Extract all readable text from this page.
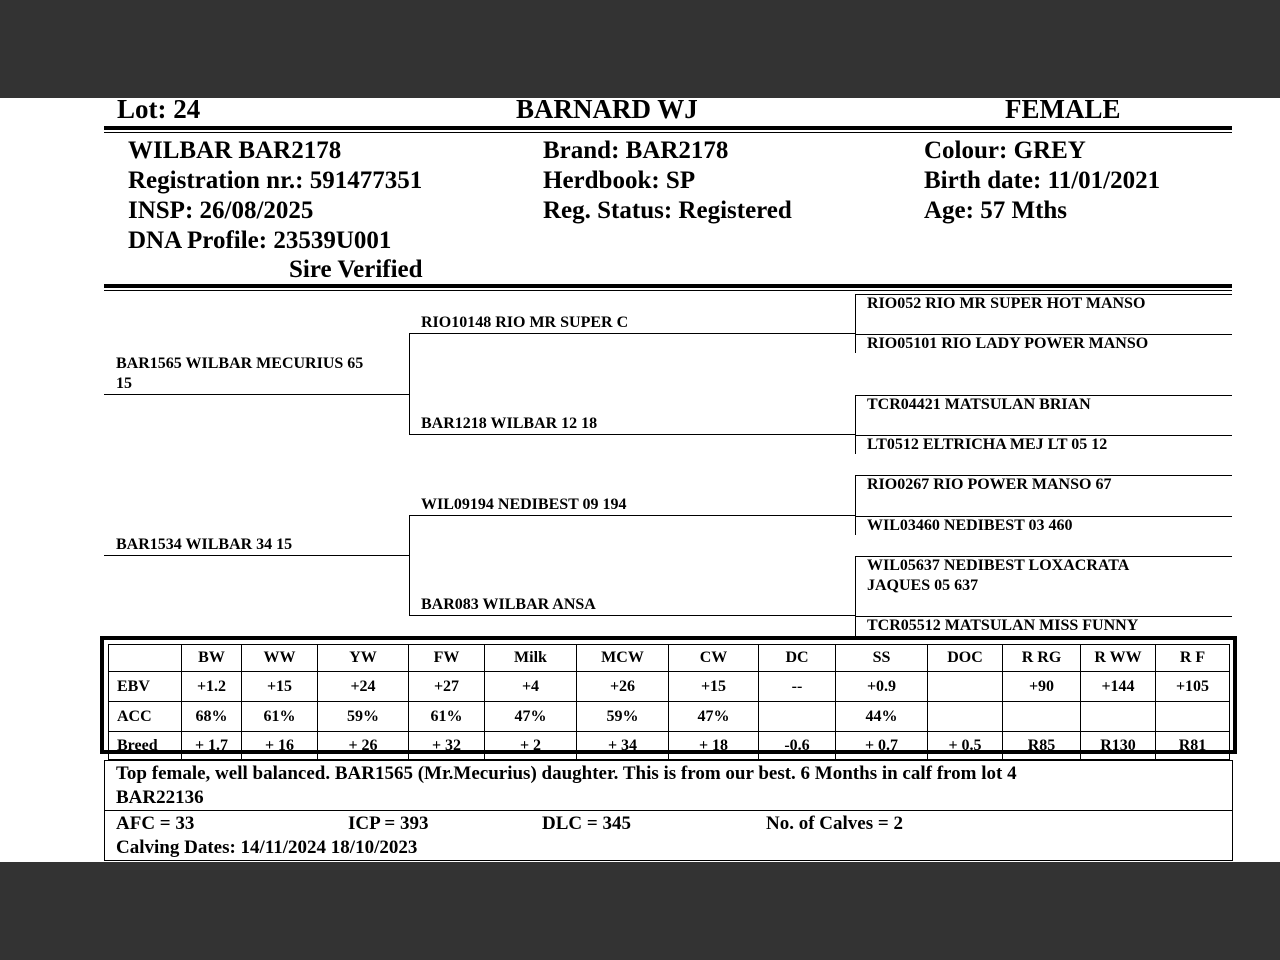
Lot: 24	BARNARD WJ	FEMALE
WILBAR BAR2178
Registration nr.: 591477351
INSP: 26/08/2025
DNA Profile: 23539U001
Sire Verified
Brand: BAR2178
Herdbook: SP
Reg. Status: Registered
Colour: GREY
Birth date: 11/01/2021
Age: 57 Mths
BAR1565 WILBAR MECURIUS 65
15
BAR1534 WILBAR 34 15
RIO10148 RIO MR SUPER C
BAR1218 WILBAR 12 18
WIL09194 NEDIBEST 09 194
BAR083 WILBAR ANSA
RIO052 RIO MR SUPER HOT MANSO
RIO05101 RIO LADY POWER MANSO
TCR04421 MATSULAN BRIAN
LT0512 ELTRICHA MEJ LT 05 12
RIO0267 RIO POWER MANSO 67
WIL03460 NEDIBEST 03 460
WIL05637 NEDIBEST LOXACRATA
JAQUES 05 637
TCR05512 MATSULAN MISS FUNNY
	BW	WW	YW	FW	Milk	MCW	CW	DC	SS	DOC	R RG	R WW	R F
EBV	+1.2	+15	+24	+27	+4	+26	+15	--	+0.9		+90	+144	+105
ACC	68%	61%	59%	61%	47%	59%	47%		44%				
Breed	+ 1.7	+ 16	+ 26	+ 32	+ 2	+ 34	+ 18	-0.6	+ 0.7	+ 0.5	R85	R130	R81
Top female, well balanced. BAR1565 (Mr.Mecurius) daughter. This is from our best. 6 Months in calf from lot 4
BAR22136
AFC = 33	ICP = 393	DLC = 345	No. of Calves = 2
Calving Dates: 14/11/2024 18/10/2023
